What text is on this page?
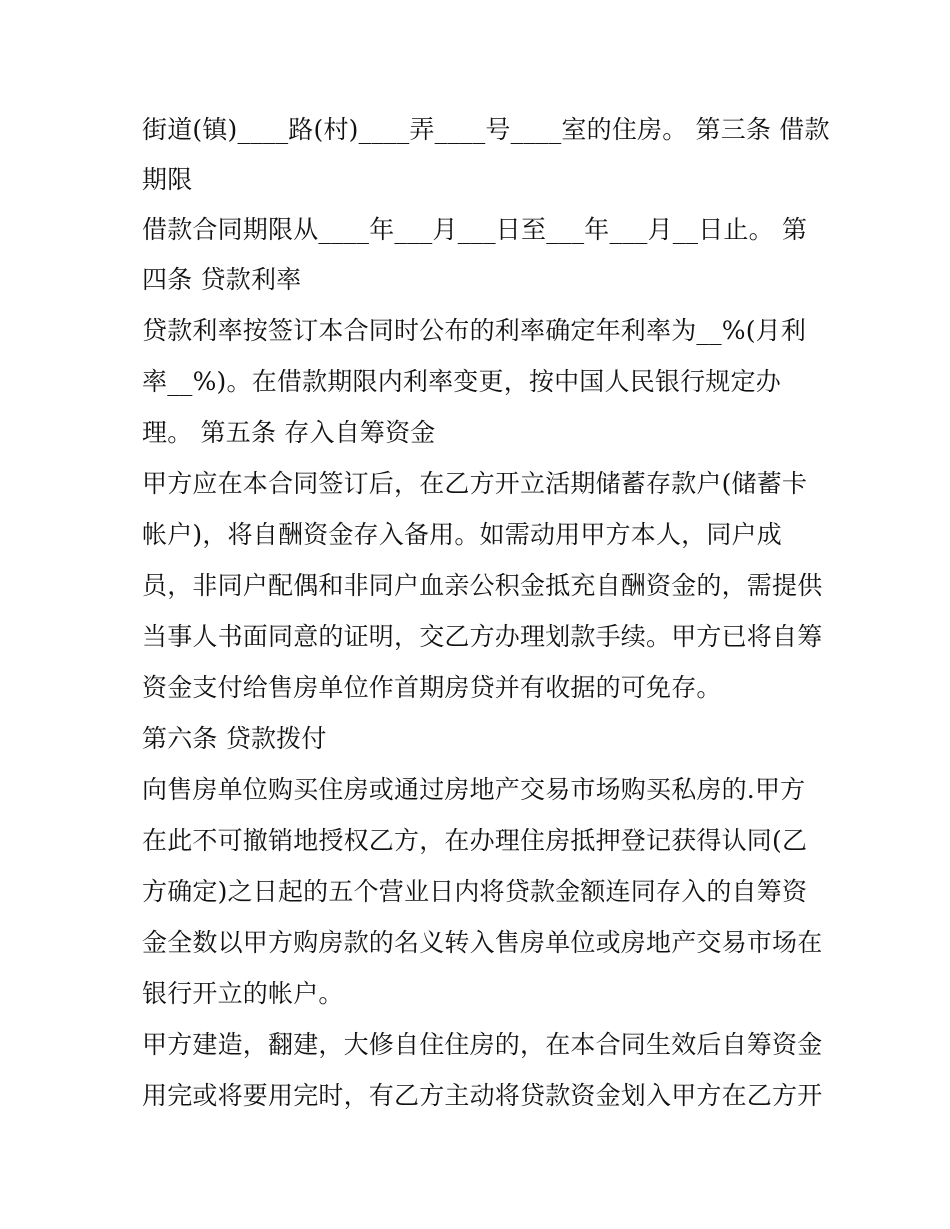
街道(镇)____路(村)____弄____号____室的住房。 第三条 借款
期限
借款合同期限从____年___月___日至___年___月__日止。 第
四条 贷款利率
贷款利率按签订本合同时公布的利率确定年利率为__%(月利
率__%)。在借款期限内利率变更，按中国人民银行规定办
理。 第五条 存入自筹资金
甲方应在本合同签订后，在乙方开立活期储蓄存款户(储蓄卡
帐户)，将自酬资金存入备用。如需动用甲方本人，同户成
员，非同户配偶和非同户血亲公积金抵充自酬资金的，需提供
当事人书面同意的证明，交乙方办理划款手续。甲方已将自筹
资金支付给售房单位作首期房贷并有收据的可免存。
第六条 贷款拨付
向售房单位购买住房或通过房地产交易市场购买私房的.甲方
在此不可撤销地授权乙方，在办理住房抵押登记获得认同(乙
方确定)之日起的五个营业日内将贷款金额连同存入的自筹资
金全数以甲方购房款的名义转入售房单位或房地产交易市场在
银行开立的帐户。
甲方建造，翻建，大修自住住房的，在本合同生效后自筹资金
用完或将要用完时，有乙方主动将贷款资金划入甲方在乙方开
